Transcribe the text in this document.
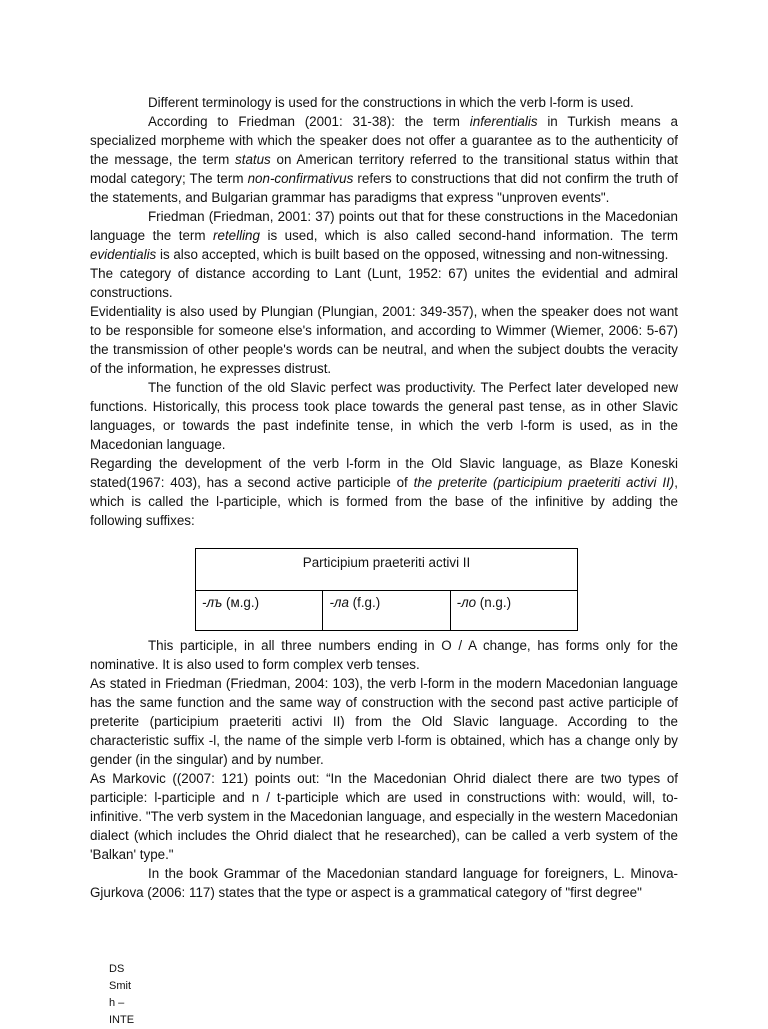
Different terminology is used for the constructions in which the verb l-form is used.

According to Friedman (2001: 31-38): the term inferentialis in Turkish means a specialized morpheme with which the speaker does not offer a guarantee as to the authenticity of the message, the term status on American territory referred to the transitional status within that modal category; The term non-confirmativus refers to constructions that did not confirm the truth of the statements, and Bulgarian grammar has paradigms that express "unproven events".

Friedman (Friedman, 2001: 37) points out that for these constructions in the Macedonian language the term retelling is used, which is also called second-hand information. The term evidentialis is also accepted, which is built based on the opposed, witnessing and non-witnessing.

The category of distance according to Lant (Lunt, 1952: 67) unites the evidential and admiral constructions.

Evidentiality is also used by Plungian (Plungian, 2001: 349-357), when the speaker does not want to be responsible for someone else's information, and according to Wimmer (Wiemer, 2006: 5-67) the transmission of other people's words can be neutral, and when the subject doubts the veracity of the information, he expresses distrust.

The function of the old Slavic perfect was productivity. The Perfect later developed new functions. Historically, this process took place towards the general past tense, as in other Slavic languages, or towards the past indefinite tense, in which the verb l-form is used, as in the Macedonian language.

Regarding the development of the verb l-form in the Old Slavic language, as Blaze Koneski stated(1967: 403), has a second active participle of the preterite (participium praeteriti activi II), which is called the l-participle, which is formed from the base of the infinitive by adding the following suffixes:

Participium praeteriti activi II
-лъ (м.g.)	-ла (f.g.)	-ло (n.g.)

This participle, in all three numbers ending in O / A change, has forms only for the nominative. It is also used to form complex verb tenses.

As stated in Friedman (Friedman, 2004: 103), the verb l-form in the modern Macedonian language has the same function and the same way of construction with the second past active participle of preterite (participium praeteriti activi II) from the Old Slavic language. According to the characteristic suffix -l, the name of the simple verb l-form is obtained, which has a change only by gender (in the singular) and by number.

As Markovic ((2007: 121) points out: “In the Macedonian Ohrid dialect there are two types of participle: l-participle and n / t-participle which are used in constructions with: would, will, to-infinitive. "The verb system in the Macedonian language, and especially in the western Macedonian dialect (which includes the Ohrid dialect that he researched), can be called a verb system of the 'Balkan' type."

In the book Grammar of the Macedonian standard language for foreigners, L. Minova-Gjurkova (2006: 117) states that the type or aspect is a grammatical category of "first degree"

DS
Smit
h –
INTE
